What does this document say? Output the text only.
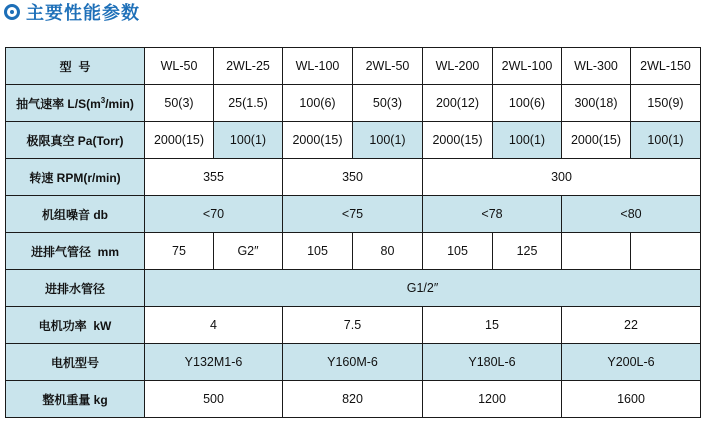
主要性能参数
型  号	WL-50	2WL-25	WL-100	2WL-50	WL-200	2WL-100	WL-300	2WL-150
抽气速率 $L/S(m^3/\min)$	50(3)	25(1.5)	100(6)	50(3)	200(12)	100(6)	300(18)	150(9)
极限真空 Pa(Torr)	2000(15)	100(1)	2000(15)	100(1)	2000(15)	100(1)	2000(15)	100(1)
转速 RPM(r/min)	355		350		300			
机组噪音 db	<70		<75		<78		<80	
进排气管径  mm	75	G2″	105	80	105	125		
进排水管径	G1/2″							
电机功率  kW	4		7.5		15		22	
电机型号	Y132M1-6		Y160M-6		Y180L-6		Y200L-6	
整机重量 kg	500		820		1200		1600	
